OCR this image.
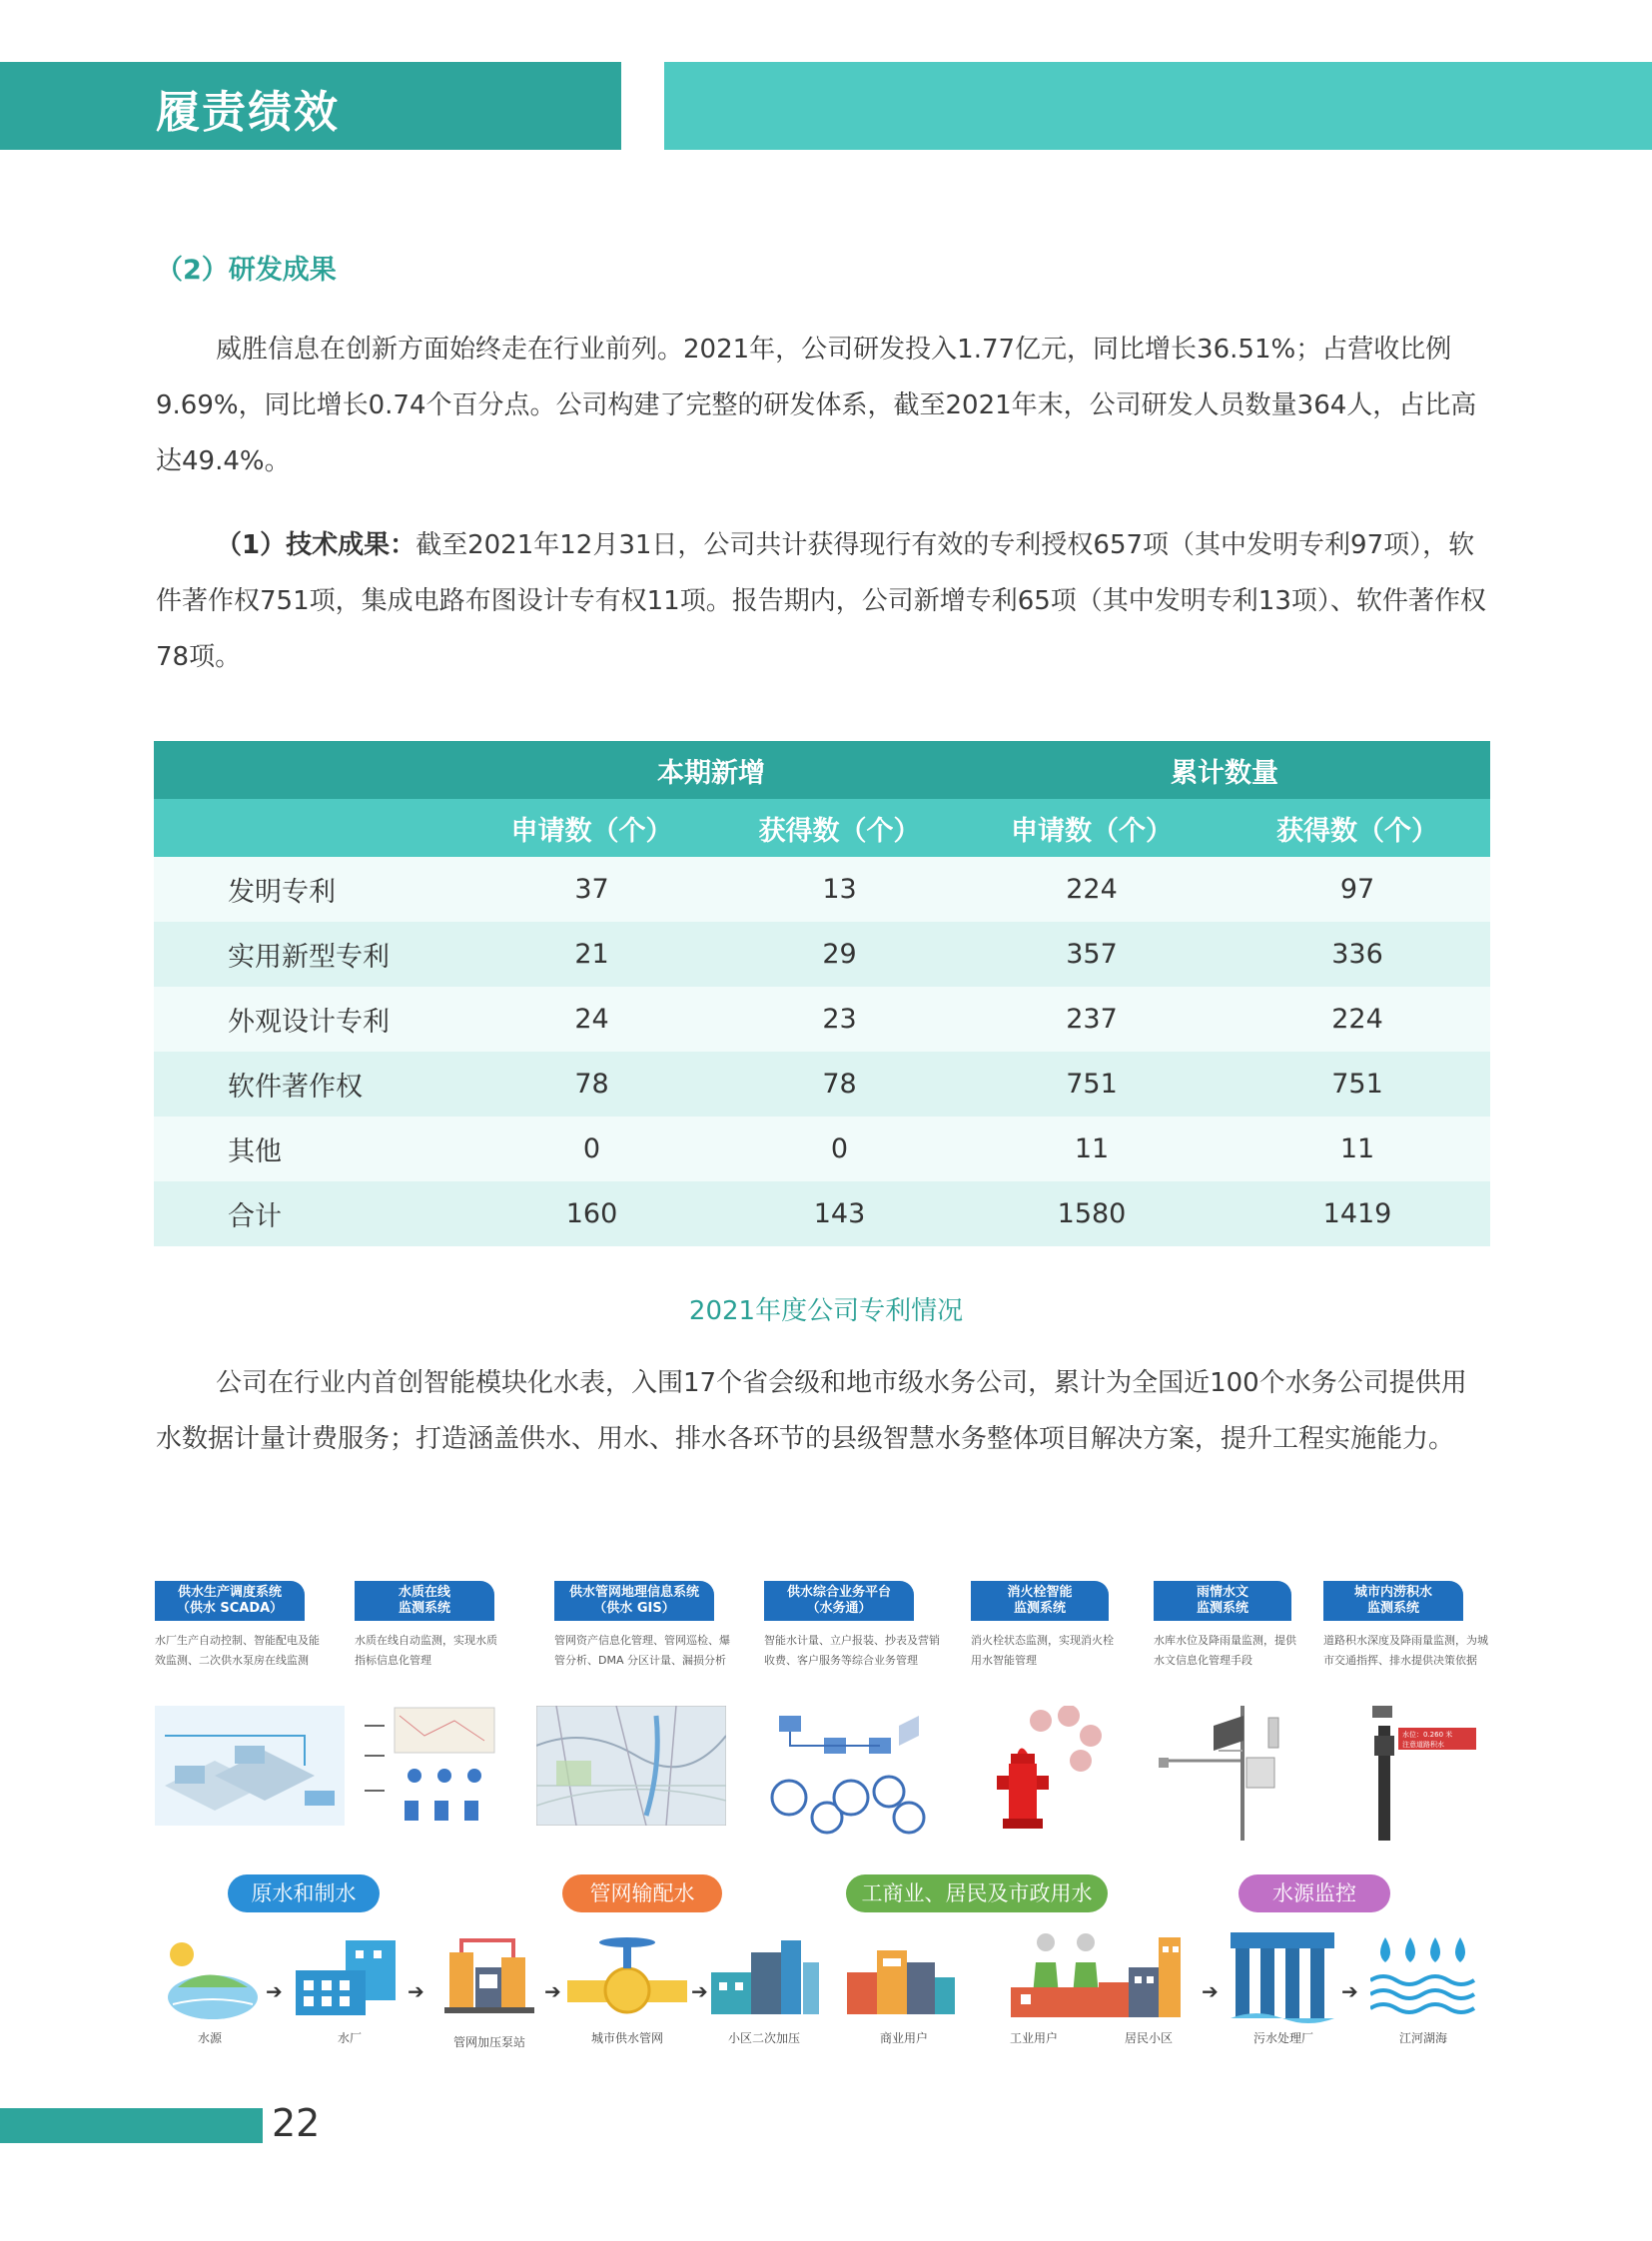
履责绩效
（2）研发成果
威胜信息在创新方面始终走在行业前列。2021年，公司研发投入1.77亿元，同比增长36.51%；占营收比例9.69%，同比增长0.74个百分点。公司构建了完整的研发体系，截至2021年末，公司研发人员数量364人，占比高达49.4%。
（1）技术成果：截至2021年12月31日，公司共计获得现行有效的专利授权657项（其中发明专利97项），软件著作权751项，集成电路布图设计专有权11项。报告期内，公司新增专利65项（其中发明专利13项）、软件著作权78项。
	本期新增		累计数量	
	申请数（个）	获得数（个）	申请数（个）	获得数（个）
发明专利	37	13	224	97
实用新型专利	21	29	357	336
外观设计专利	24	23	237	224
软件著作权	78	78	751	751
其他	0	0	11	11
合计	160	143	1580	1419
2021年度公司专利情况
公司在行业内首创智能模块化水表，入围17个省会级和地市级水务公司，累计为全国近100个水务公司提供用水数据计量计费服务；打造涵盖供水、用水、排水各环节的县级智慧水务整体项目解决方案，提升工程实施能力。
供水生产调度系统
（供水 SCADA）
水厂生产自动控制、智能配电及能
效监测、二次供水泵房在线监测
水质在线
监测系统
水质在线自动监测，实现水质
指标信息化管理
供水管网地理信息系统
（供水 GIS）
管网资产信息化管理、管网巡检、爆
管分析、DMA 分区计量、漏损分析
供水综合业务平台
（水务通）
智能水计量、立户报装、抄表及营销
收费、客户服务等综合业务管理
消火栓智能
监测系统
消火栓状态监测，实现消火栓
用水智能管理
雨情水文
监测系统
水库水位及降雨量监测，提供
水文信息化管理手段
城市内涝积水
监测系统
道路积水深度及降雨量监测，为城
市交通指挥、排水提供决策依据
水位：0.260 米
注意道路积水
原水和制水	管网输配水	工商业、居民及市政用水	水源监控
➔	➔	➔	➔	➔	➔
水源	水厂	管网加压泵站	城市供水管网	小区二次加压	商业用户	工业用户	居民小区	污水处理厂	江河湖海
22
